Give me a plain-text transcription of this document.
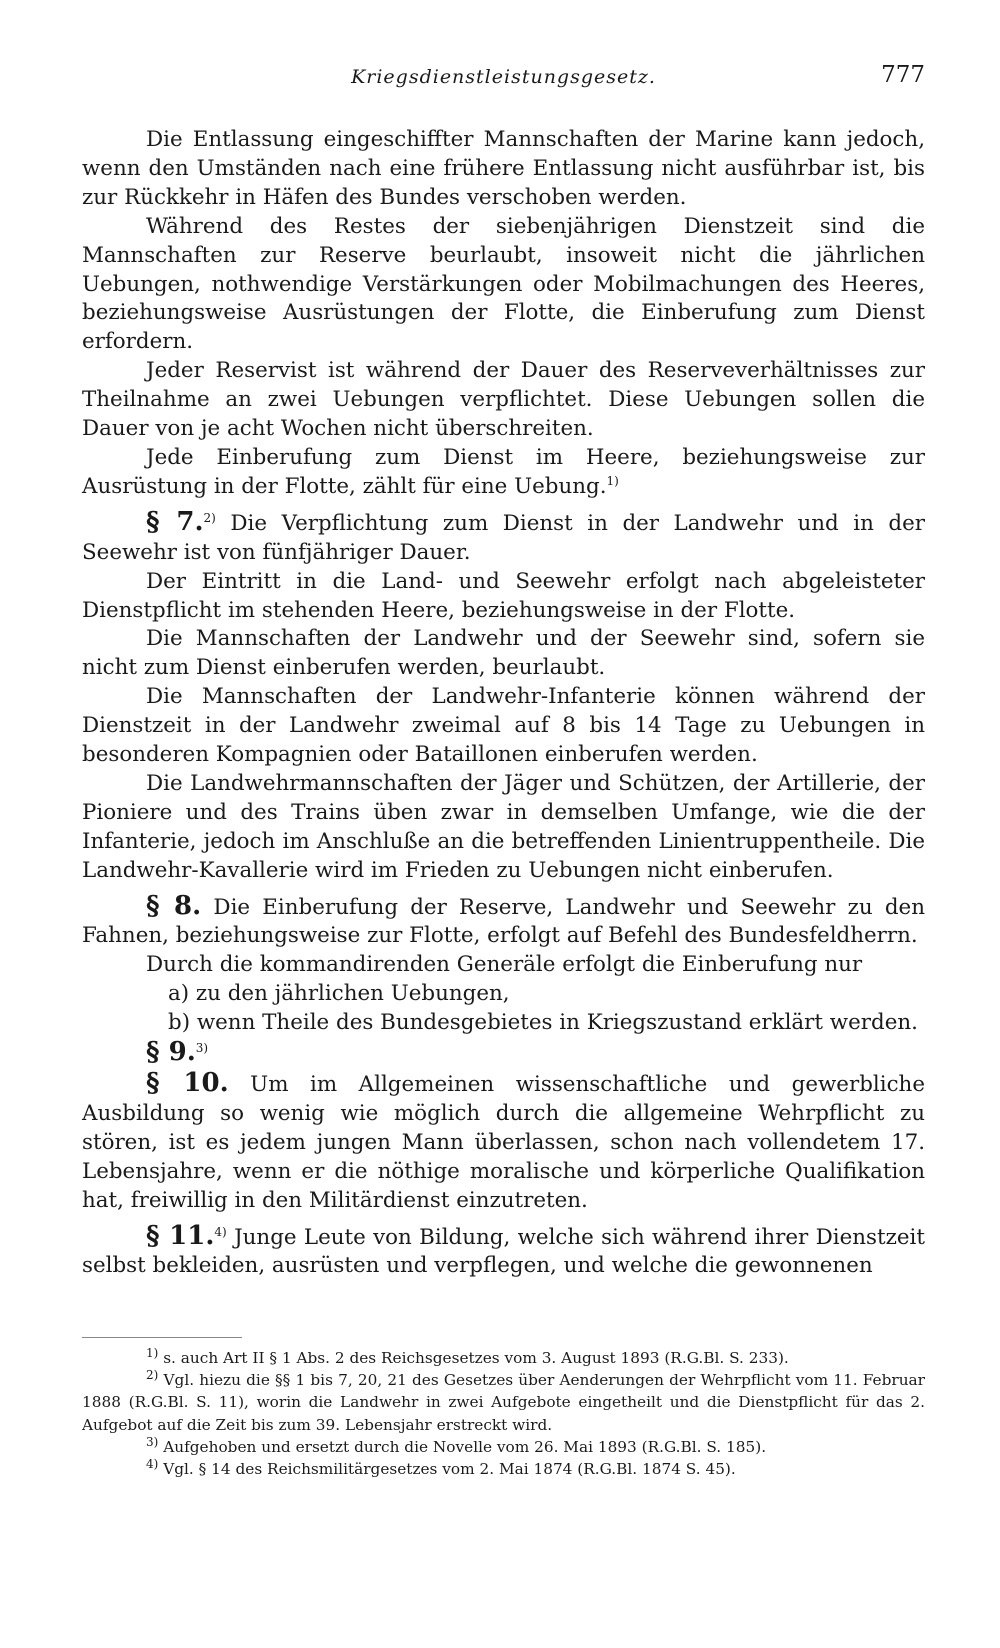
Kriegsdienstleistungsgesetz.	777

Die Entlassung eingeschiffter Mannschaften der Marine kann jedoch, wenn den Umständen nach eine frühere Entlassung nicht ausführbar ist, bis zur Rückkehr in Häfen des Bundes verschoben werden.

Während des Restes der siebenjährigen Dienstzeit sind die Mannschaften zur Reserve beurlaubt, insoweit nicht die jährlichen Uebungen, nothwendige Verstärkungen oder Mobilmachungen des Heeres, beziehungsweise Ausrüstungen der Flotte, die Einberufung zum Dienst erfordern.

Jeder Reservist ist während der Dauer des Reserveverhältnisses zur Theilnahme an zwei Uebungen verpflichtet. Diese Uebungen sollen die Dauer von je acht Wochen nicht überschreiten.

Jede Einberufung zum Dienst im Heere, beziehungsweise zur Ausrüstung in der Flotte, zählt für eine Uebung.$^{1)}$

§ 7.$^{2)}$ Die Verpflichtung zum Dienst in der Landwehr und in der Seewehr ist von fünfjähriger Dauer.

Der Eintritt in die Land- und Seewehr erfolgt nach abgeleisteter Dienstpflicht im stehenden Heere, beziehungsweise in der Flotte.

Die Mannschaften der Landwehr und der Seewehr sind, sofern sie nicht zum Dienst einberufen werden, beurlaubt.

Die Mannschaften der Landwehr-Infanterie können während der Dienstzeit in der Landwehr zweimal auf 8 bis 14 Tage zu Uebungen in besonderen Kompagnien oder Bataillonen einberufen werden.

Die Landwehrmannschaften der Jäger und Schützen, der Artillerie, der Pioniere und des Trains üben zwar in demselben Umfange, wie die der Infanterie, jedoch im Anschluße an die betreffenden Linientruppentheile. Die Landwehr-Kavallerie wird im Frieden zu Uebungen nicht einberufen.

§ 8. Die Einberufung der Reserve, Landwehr und Seewehr zu den Fahnen, beziehungsweise zur Flotte, erfolgt auf Befehl des Bundesfeldherrn.

Durch die kommandirenden Generäle erfolgt die Einberufung nur

a) zu den jährlichen Uebungen,

b) wenn Theile des Bundesgebietes in Kriegszustand erklärt werden.

§ 9.$^{3)}$

§ 10. Um im Allgemeinen wissenschaftliche und gewerbliche Ausbildung so wenig wie möglich durch die allgemeine Wehrpflicht zu stören, ist es jedem jungen Mann überlassen, schon nach vollendetem 17. Lebensjahre, wenn er die nöthige moralische und körperliche Qualifikation hat, freiwillig in den Militärdienst einzutreten.

§ 11.$^{4)}$ Junge Leute von Bildung, welche sich während ihrer Dienstzeit selbst bekleiden, ausrüsten und verpflegen, und welche die gewonnenen

$^{1)}$ s. auch Art II § 1 Abs. 2 des Reichsgesetzes vom 3. August 1893 (R.G.Bl. S. 233).

$^{2)}$ Vgl. hiezu die §§ 1 bis 7, 20, 21 des Gesetzes über Aenderungen der Wehrpflicht vom 11. Februar 1888 (R.G.Bl. S. 11), worin die Landwehr in zwei Aufgebote eingetheilt und die Dienstpflicht für das 2. Aufgebot auf die Zeit bis zum 39. Lebensjahr erstreckt wird.

$^{3)}$ Aufgehoben und ersetzt durch die Novelle vom 26. Mai 1893 (R.G.Bl. S. 185).

$^{4)}$ Vgl. § 14 des Reichsmilitärgesetzes vom 2. Mai 1874 (R.G.Bl. 1874 S. 45).
